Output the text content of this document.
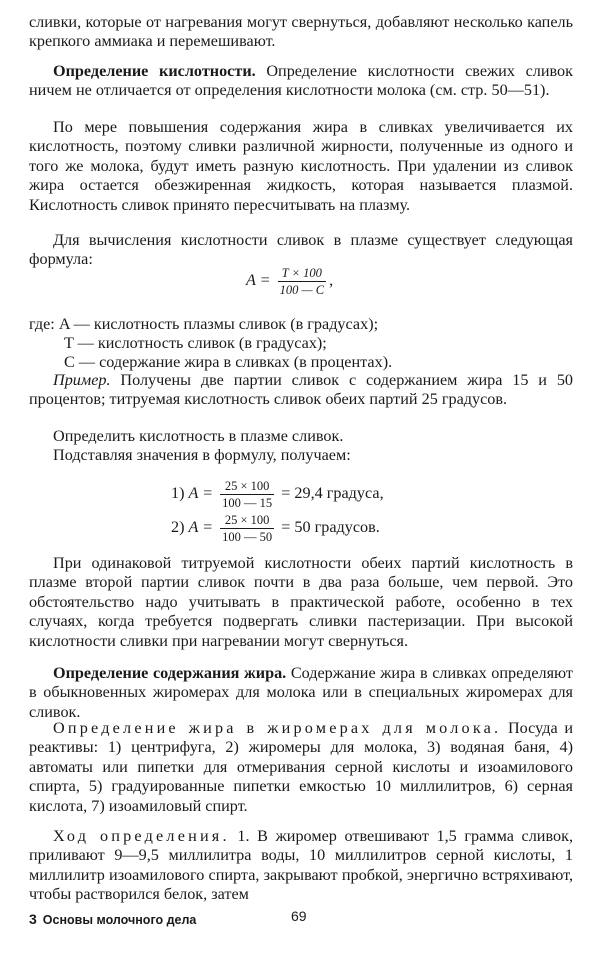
сливки, которые от нагревания могут свернуться, добавляют несколько капель крепкого аммиака и перемешивают.

Определение кислотности. Определение кислотности свежих сливок ничем не отличается от определения кислотности молока (см. стр. 50—51).

По мере повышения содержания жира в сливках увеличивается их кислотность, поэтому сливки различной жирности, полученные из одного и того же молока, будут иметь разную кислотность. При удалении из сливок жира остается обезжиренная жидкость, которая называется плазмой. Кислотность сливок принято пересчитывать на плазму.

Для вычисления кислотности сливок в плазме существует следующая формула:

$A = \frac{T \times 100}{100 — C}$ ,
где: A — кислотность плазмы сливок (в градусах);
T — кислотность сливок (в градусах);
C — содержание жира в сливках (в процентах).

Пример. Получены две партии сливок с содержанием жира 15 и 50 процентов; титруемая кислотность сливок обеих партий 25 градусов.

Определить кислотность в плазме сливок.

Подставляя значения в формулу, получаем:

1) $A = \frac{25 \times 100}{100 — 15} = 29,4$ градуса,
2) $A = \frac{25 \times 100}{100 — 50} = 50$ градусов.

При одинаковой титруемой кислотности обеих партий кислотность в плазме второй партии сливок почти в два раза больше, чем первой. Это обстоятельство надо учитывать в практической работе, особенно в тех случаях, когда требуется подвергать сливки пастеризации. При высокой кислотности сливки при нагревании могут свернуться.

Определение содержания жира. Содержание жира в сливках определяют в обыкновенных жиромерах для молока или в специальных жиромерах для сливок.

Определение жира в жиромерах для молока. Посуда и реактивы: 1) центрифуга, 2) жиромеры для молока, 3) водяная баня, 4) автоматы или пипетки для отмеривания серной кислоты и изоамилового спирта, 5) градуированные пипетки емкостью 10 миллилитров, 6) серная кислота, 7) изоамиловый спирт.

Ход определения. 1. В жиромер отвешивают 1,5 грамма сливок, приливают 9—9,5 миллилитра воды, 10 миллилитров серной кислоты, 1 миллилитр изоамилового спирта, закрывают пробкой, энергично встряхивают, чтобы растворился белок, затем

3 Основы молочного дела	69
